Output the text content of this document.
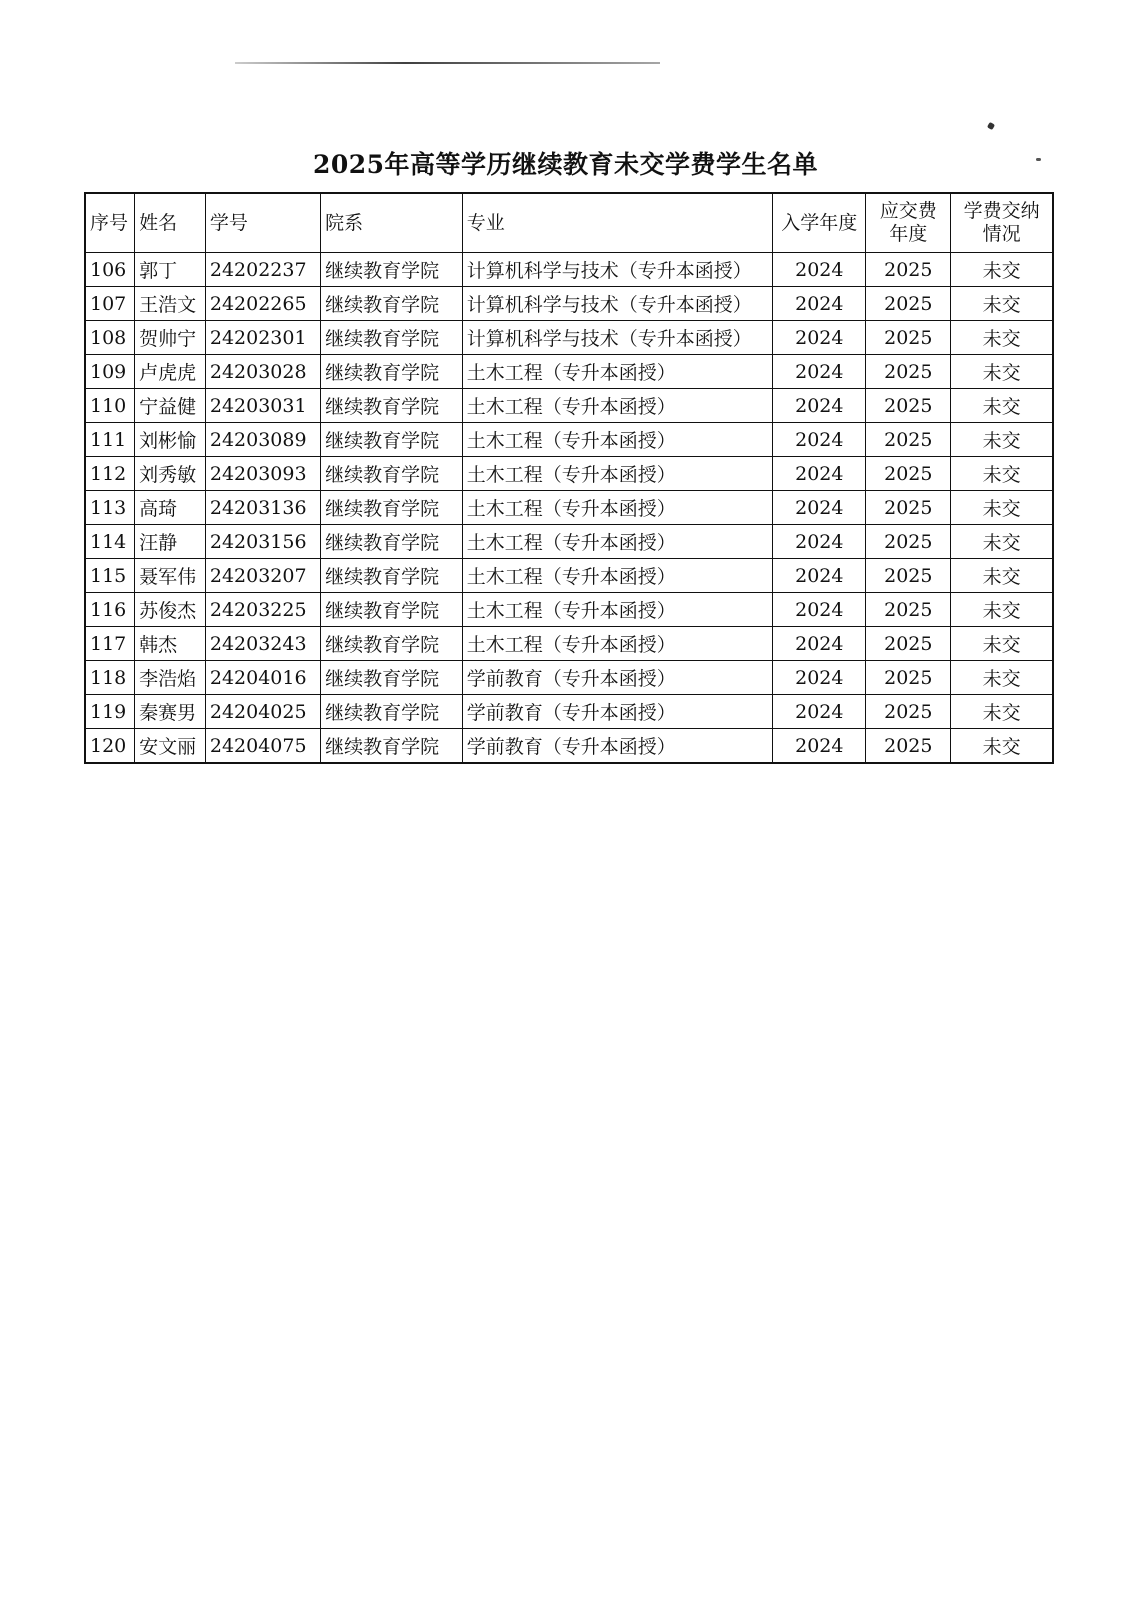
2025年高等学历继续教育未交学费学生名单
序号	姓名	学号	院系	专业	入学年度	应交费年度	学费交纳情况
106	郭丁	24202237	继续教育学院	计算机科学与技术（专升本函授）	2024	2025	未交
107	王浩文	24202265	继续教育学院	计算机科学与技术（专升本函授）	2024	2025	未交
108	贺帅宁	24202301	继续教育学院	计算机科学与技术（专升本函授）	2024	2025	未交
109	卢虎虎	24203028	继续教育学院	土木工程（专升本函授）	2024	2025	未交
110	宁益健	24203031	继续教育学院	土木工程（专升本函授）	2024	2025	未交
111	刘彬愉	24203089	继续教育学院	土木工程（专升本函授）	2024	2025	未交
112	刘秀敏	24203093	继续教育学院	土木工程（专升本函授）	2024	2025	未交
113	高琦	24203136	继续教育学院	土木工程（专升本函授）	2024	2025	未交
114	汪静	24203156	继续教育学院	土木工程（专升本函授）	2024	2025	未交
115	聂军伟	24203207	继续教育学院	土木工程（专升本函授）	2024	2025	未交
116	苏俊杰	24203225	继续教育学院	土木工程（专升本函授）	2024	2025	未交
117	韩杰	24203243	继续教育学院	土木工程（专升本函授）	2024	2025	未交
118	李浩焰	24204016	继续教育学院	学前教育（专升本函授）	2024	2025	未交
119	秦赛男	24204025	继续教育学院	学前教育（专升本函授）	2024	2025	未交
120	安文丽	24204075	继续教育学院	学前教育（专升本函授）	2024	2025	未交
